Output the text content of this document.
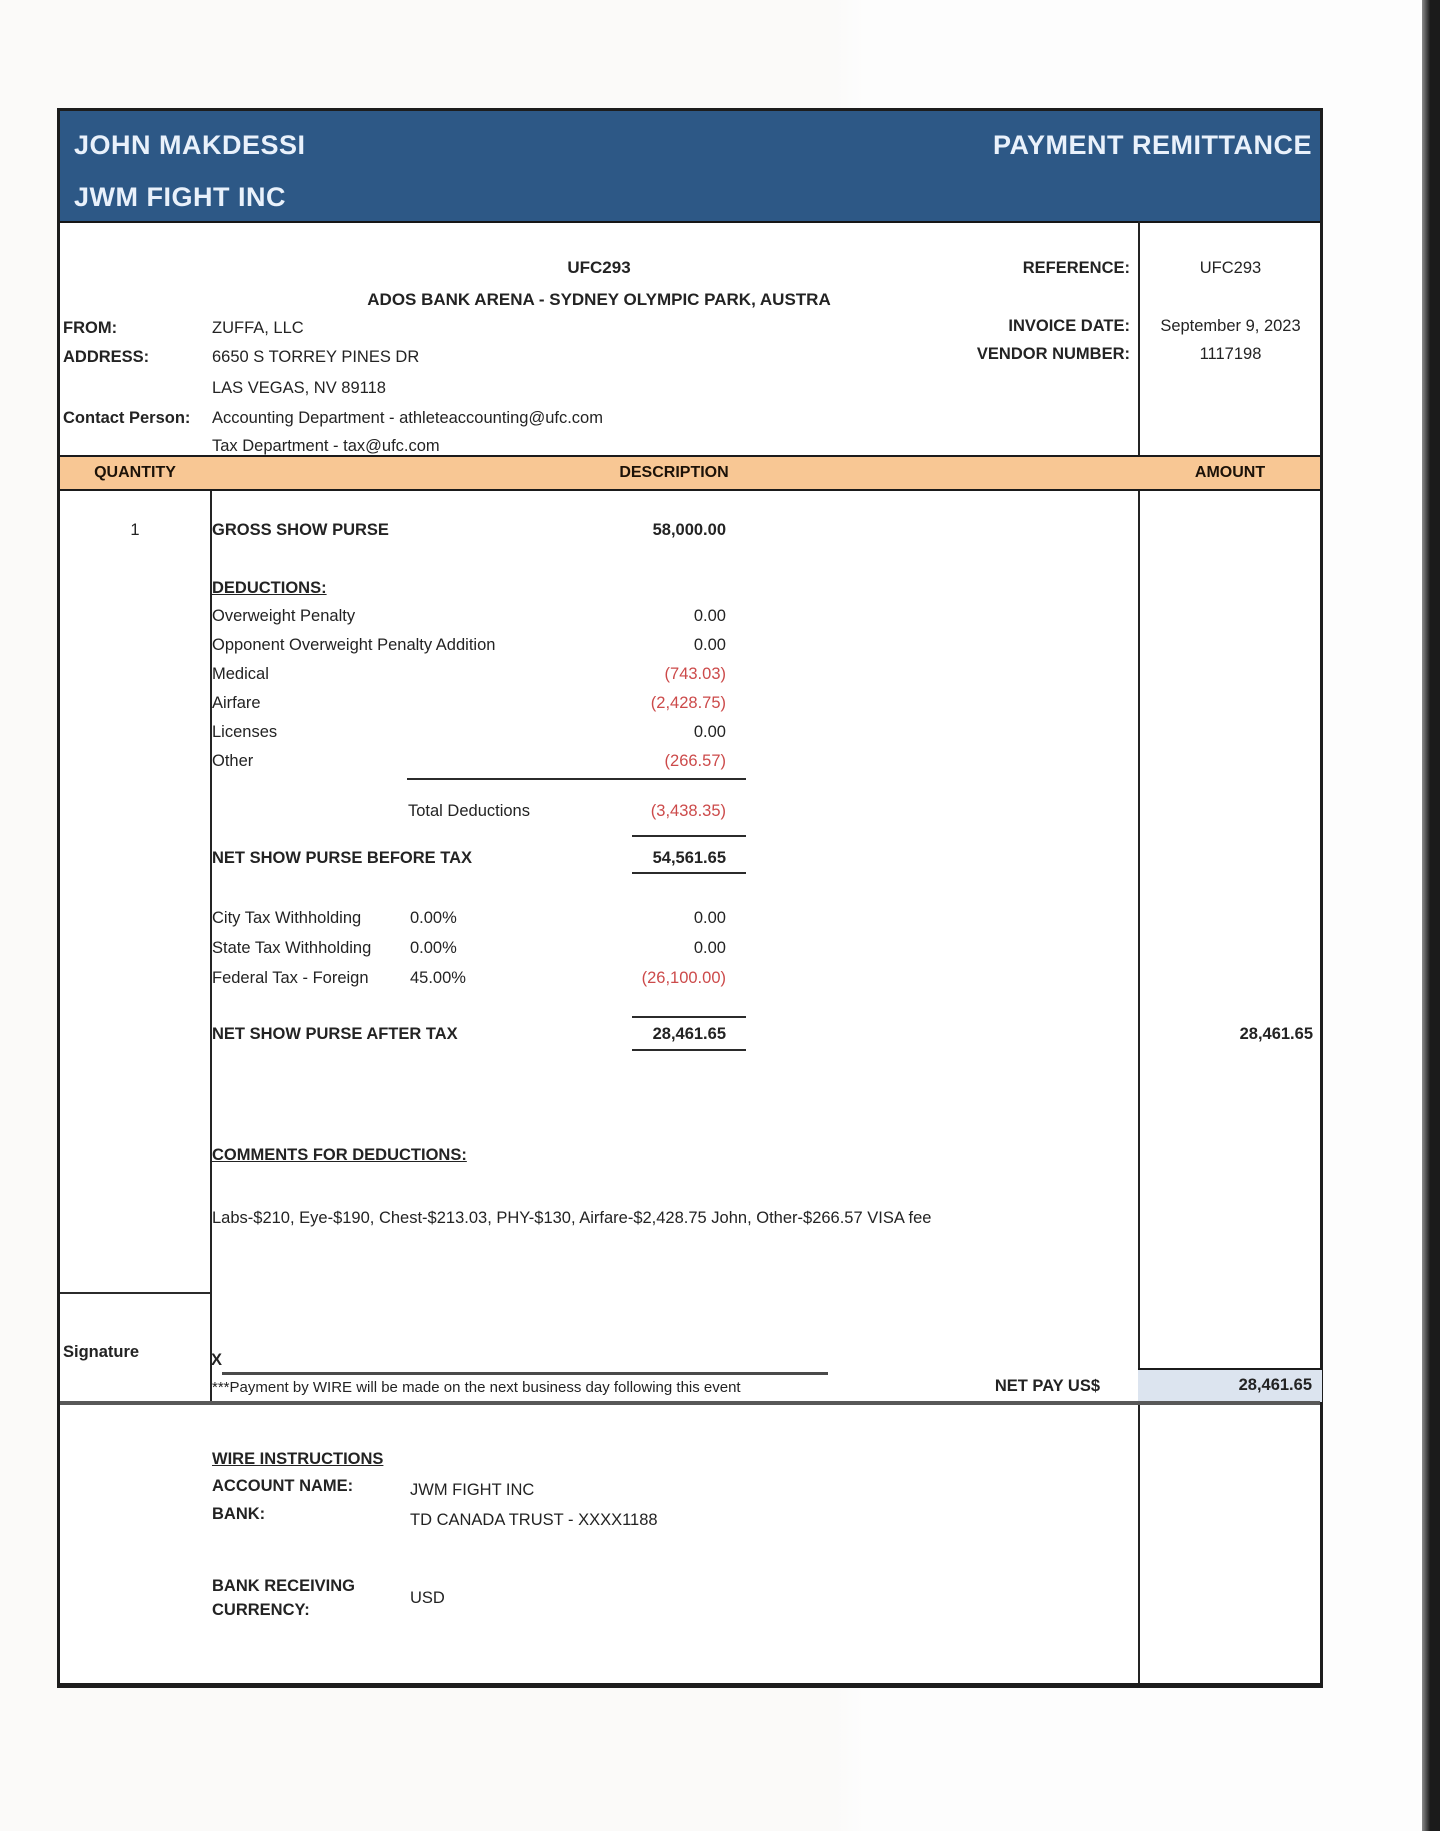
JOHN MAKDESSI	PAYMENT REMITTANCE
JWM FIGHT INC
UFC293
ADOS BANK ARENA - SYDNEY OLYMPIC PARK, AUSTRA
REFERENCE:	UFC293
INVOICE DATE:	September 9, 2023
VENDOR NUMBER:	1117198
FROM:	ZUFFA, LLC
ADDRESS:	6650 S TORREY PINES DR
LAS VEGAS, NV 89118
Contact Person: Accounting Department - athleteaccounting@ufc.com
Tax Department - tax@ufc.com
QUANTITY	DESCRIPTION	AMOUNT
1	GROSS SHOW PURSE	58,000.00
DEDUCTIONS:
Overweight Penalty	0.00
Opponent Overweight Penalty Addition	0.00
Medical	(743.03)
Airfare	(2,428.75)
Licenses	0.00
Other	(266.57)
Total Deductions	(3,438.35)
NET SHOW PURSE BEFORE TAX	54,561.65
City Tax Withholding	0.00%	0.00
State Tax Withholding 0.00%	0.00
Federal Tax - Foreign	45.00%	(26,100.00)
NET SHOW PURSE AFTER TAX	28,461.65	28,461.65
COMMENTS FOR DEDUCTIONS:
Labs-$210, Eye-$190, Chest-$213.03, PHY-$130, Airfare-$2,428.75 John, Other-$266.57 VISA fee
Signature	X
***Payment by WIRE will be made on the next business day following this event	NET PAY US$	28,461.65
WIRE INSTRUCTIONS
ACCOUNT NAME:	JWM FIGHT INC
BANK:	TD CANADA TRUST - XXXX1188
BANK RECEIVING
CURRENCY:
USD
